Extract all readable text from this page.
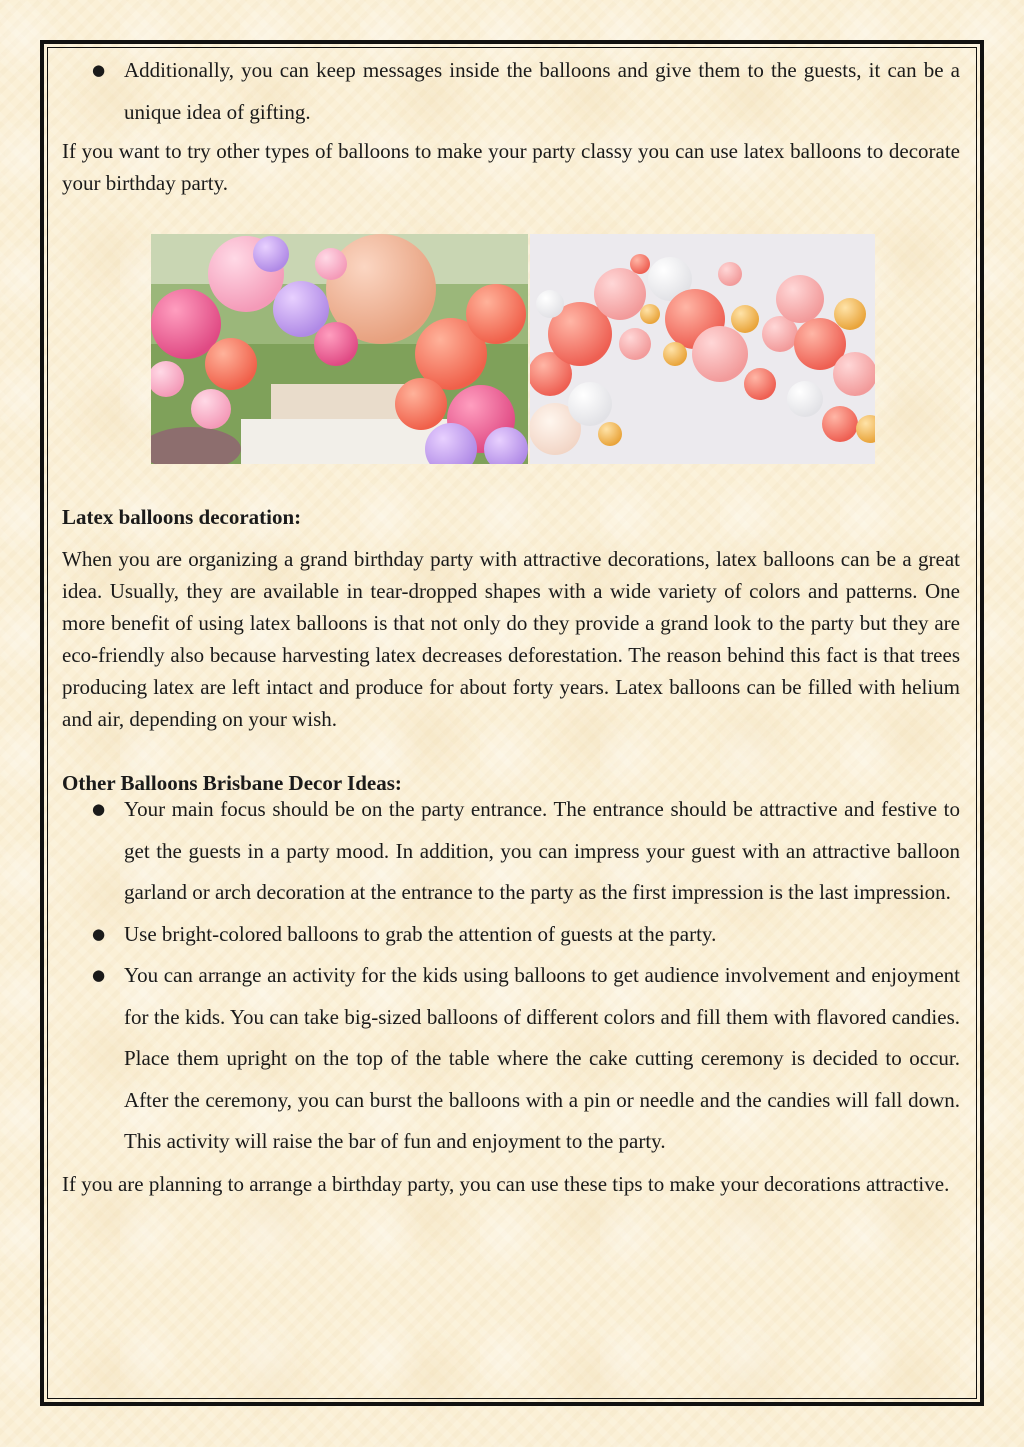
● Additionally, you can keep messages inside the balloons and give them to the guests, it can be a unique idea of gifting.

If you want to try other types of balloons to make your party classy you can use latex balloons to decorate your birthday party.

Latex balloons decoration:

When you are organizing a grand birthday party with attractive decorations, latex balloons can be a great idea. Usually, they are available in tear-dropped shapes with a wide variety of colors and patterns. One more benefit of using latex balloons is that not only do they provide a grand look to the party but they are eco-friendly also because harvesting latex decreases deforestation. The reason behind this fact is that trees producing latex are left intact and produce for about forty years. Latex balloons can be filled with helium and air, depending on your wish.

Other Balloons Brisbane Decor Ideas:

● Your main focus should be on the party entrance. The entrance should be attractive and festive to get the guests in a party mood. In addition, you can impress your guest with an attractive balloon garland or arch decoration at the entrance to the party as the first impression is the last impression.
● Use bright-colored balloons to grab the attention of guests at the party.
● You can arrange an activity for the kids using balloons to get audience involvement and enjoyment for the kids. You can take big-sized balloons of different colors and fill them with flavored candies. Place them upright on the top of the table where the cake cutting ceremony is decided to occur. After the ceremony, you can burst the balloons with a pin or needle and the candies will fall down. This activity will raise the bar of fun and enjoyment to the party.

If you are planning to arrange a birthday party, you can use these tips to make your decorations attractive.
